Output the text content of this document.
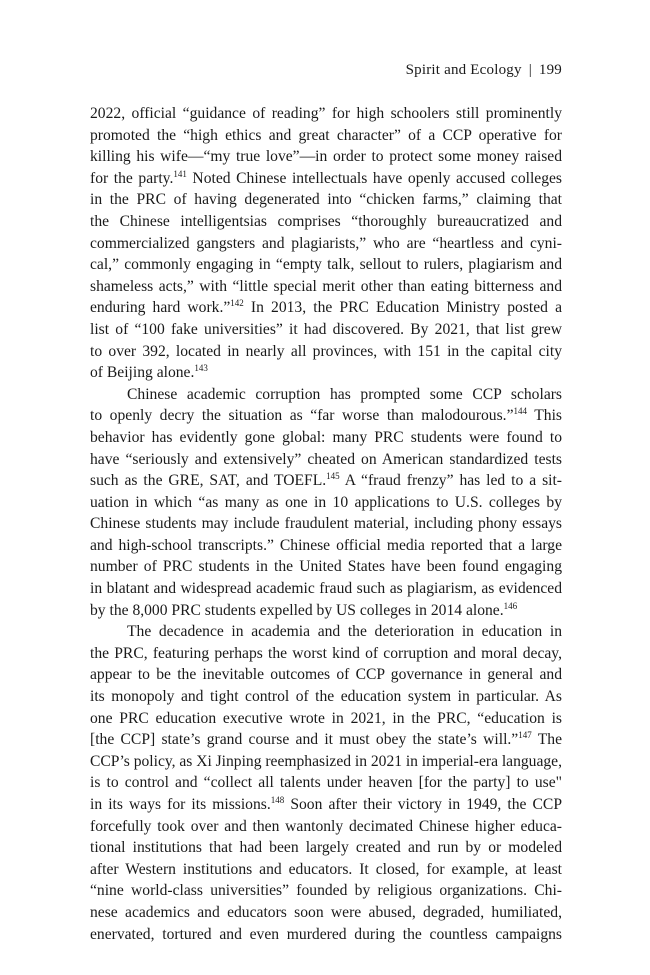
Spirit and Ecology | 199
2022, official “guidance of reading” for high schoolers still prominently
promoted the “high ethics and great character” of a CCP operative for
killing his wife—“my true love”—in order to protect some money raised
for the party.$^{141}$ Noted Chinese intellectuals have openly accused colleges
in the PRC of having degenerated into “chicken farms,” claiming that
the Chinese intelligentsias comprises “thoroughly bureaucratized and
commercialized gangsters and plagiarists,” who are “heartless and cyni-
cal,” commonly engaging in “empty talk, sellout to rulers, plagiarism and
shameless acts,” with “little special merit other than eating bitterness and
enduring hard work.”$^{142}$ In 2013, the PRC Education Ministry posted a
list of “100 fake universities” it had discovered. By 2021, that list grew
to over 392, located in nearly all provinces, with 151 in the capital city
of Beijing alone.$^{143}$
Chinese academic corruption has prompted some CCP scholars
to openly decry the situation as “far worse than malodourous.”$^{144}$ This
behavior has evidently gone global: many PRC students were found to
have “seriously and extensively” cheated on American standardized tests
such as the GRE, SAT, and TOEFL.$^{145}$ A “fraud frenzy” has led to a sit-
uation in which “as many as one in 10 applications to U.S. colleges by
Chinese students may include fraudulent material, including phony essays
and high-school transcripts.” Chinese official media reported that a large
number of PRC students in the United States have been found engaging
in blatant and widespread academic fraud such as plagiarism, as evidenced
by the 8,000 PRC students expelled by US colleges in 2014 alone.$^{146}$
The decadence in academia and the deterioration in education in
the PRC, featuring perhaps the worst kind of corruption and moral decay,
appear to be the inevitable outcomes of CCP governance in general and
its monopoly and tight control of the education system in particular. As
one PRC education executive wrote in 2021, in the PRC, “education is
[the CCP] state’s grand course and it must obey the state’s will.”$^{147}$ The
CCP’s policy, as Xi Jinping reemphasized in 2021 in imperial-era language,
is to control and “collect all talents under heaven [for the party] to use"
in its ways for its missions.$^{148}$ Soon after their victory in 1949, the CCP
forcefully took over and then wantonly decimated Chinese higher educa-
tional institutions that had been largely created and run by or modeled
after Western institutions and educators. It closed, for example, at least
“nine world-class universities” founded by religious organizations. Chi-
nese academics and educators soon were abused, degraded, humiliated,
enervated, tortured and even murdered during the countless campaigns
